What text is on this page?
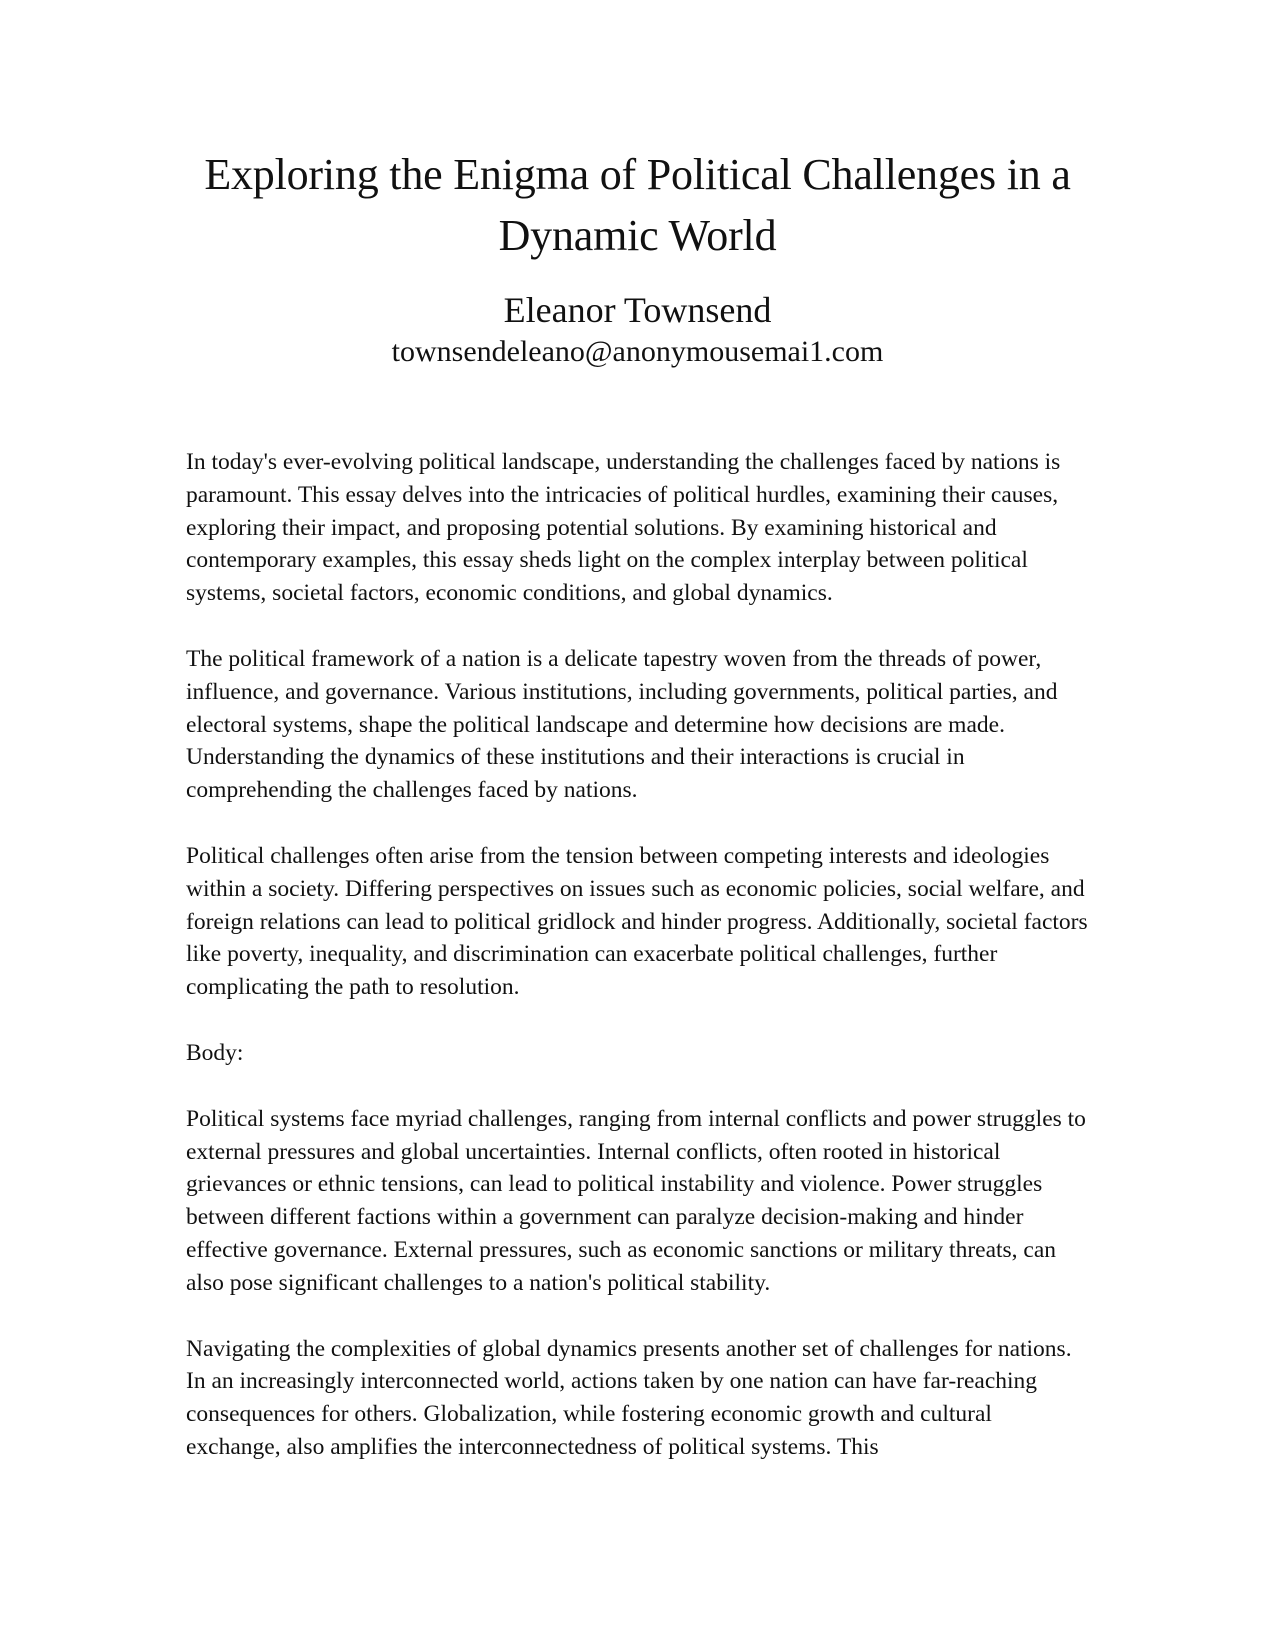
Exploring the Enigma of Political Challenges in a Dynamic World
Eleanor Townsend
townsendeleano@anonymousemai1.com

In today's ever-evolving political landscape, understanding the challenges faced by nations is paramount. This essay delves into the intricacies of political hurdles, examining their causes, exploring their impact, and proposing potential solutions. By examining historical and contemporary examples, this essay sheds light on the complex interplay between political systems, societal factors, economic conditions, and global dynamics.

The political framework of a nation is a delicate tapestry woven from the threads of power, influence, and governance. Various institutions, including governments, political parties, and electoral systems, shape the political landscape and determine how decisions are made. Understanding the dynamics of these institutions and their interactions is crucial in comprehending the challenges faced by nations.

Political challenges often arise from the tension between competing interests and ideologies within a society. Differing perspectives on issues such as economic policies, social welfare, and foreign relations can lead to political gridlock and hinder progress. Additionally, societal factors like poverty, inequality, and discrimination can exacerbate political challenges, further complicating the path to resolution.

Body:

Political systems face myriad challenges, ranging from internal conflicts and power struggles to external pressures and global uncertainties. Internal conflicts, often rooted in historical grievances or ethnic tensions, can lead to political instability and violence. Power struggles between different factions within a government can paralyze decision-making and hinder effective governance. External pressures, such as economic sanctions or military threats, can also pose significant challenges to a nation's political stability.

Navigating the complexities of global dynamics presents another set of challenges for nations. In an increasingly interconnected world, actions taken by one nation can have far-reaching consequences for others. Globalization, while fostering economic growth and cultural exchange, also amplifies the interconnectedness of political systems. This
